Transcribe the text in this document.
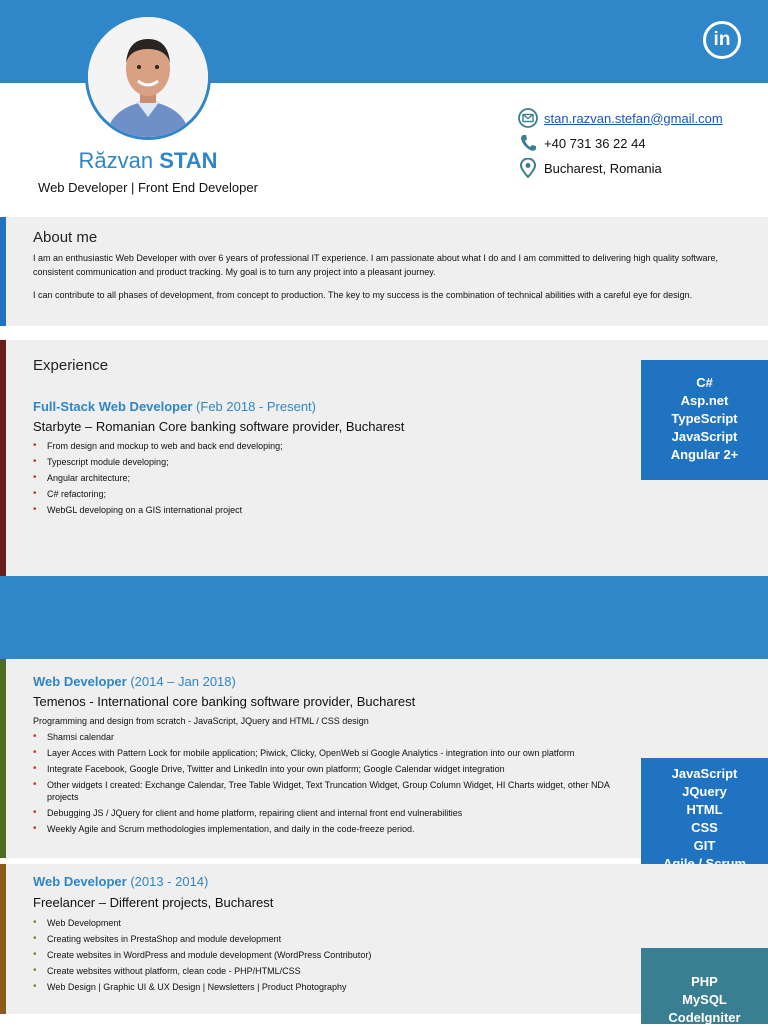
in
Răzvan STAN
Web Developer | Front End Developer
stan.razvan.stefan@gmail.com
+40 731 36 22 44
Bucharest, Romania
About me
I am an enthusiastic Web Developer with over 6 years of professional IT experience. I am passionate about what I do and I am committed to delivering high quality software, consistent communication and product tracking. My goal is to turn any project into a pleasant journey.
I can contribute to all phases of development, from concept to production. The key to my success is the combination of technical abilities with a careful eye for design.
Experience
Full-Stack Web Developer (Feb 2018 - Present)
Starbyte – Romanian Core banking software provider, Bucharest
• From design and mockup to web and back end developing;
• Typescript module developing;
• Angular architecture;
• C# refactoring;
• WebGL developing on a GIS international project
C#
Asp.net
TypeScript
JavaScript
Angular 2+
Web Developer (2014 – Jan 2018)
Temenos - International core banking software provider, Bucharest
Programming and design from scratch - JavaScript, JQuery and HTML / CSS design
• Shamsi calendar
• Layer Acces with Pattern Lock for mobile application; Piwick, Clicky, OpenWeb si Google Analytics - integration into our own platform
• Integrate Facebook, Google Drive, Twitter and LinkedIn into your own platform; Google Calendar widget integration
• Other widgets I created: Exchange Calendar, Tree Table Widget, Text Truncation Widget, Group Column Widget, HI Charts widget, other NDA projects
• Debugging JS / JQuery for client and home platform, repairing client and internal front end vulnerabilities
• Weekly Agile and Scrum methodologies implementation, and daily in the code-freeze period.
JavaScript
JQuery
HTML
CSS
GIT
Web Developer (2013 - 2014)
Freelancer – Different projects, Bucharest
• Web Development
• Creating websites in PrestaShop and module development
• Create websites in WordPress and module development (WordPress Contributor)
• Create websites without platform, clean code - PHP/HTML/CSS
• Web Design | Graphic UI & UX Design | Newsletters | Product Photography	PHP
MySQL
CodeIgniter
